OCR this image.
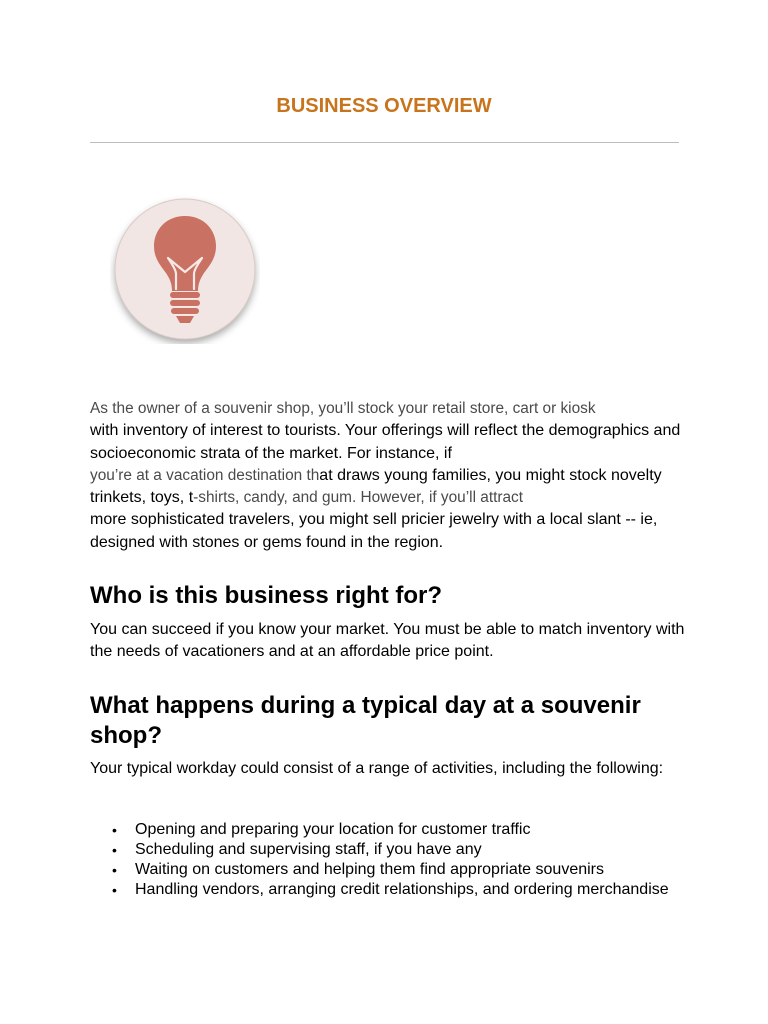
BUSINESS OVERVIEW

As the owner of a souvenir shop, you’ll stock your retail store, cart or kiosk
with inventory of interest to tourists. Your offerings will reflect the demographics and socioeconomic strata of the market. For instance, if
you’re at a vacation destination that draws young families, you might stock novelty trinkets, toys, t-shirts, candy, and gum. However, if you’ll attract
more sophisticated travelers, you might sell pricier jewelry with a local slant -- ie, designed with stones or gems found in the region.

Who is this business right for?

You can succeed if you know your market. You must be able to match inventory with the needs of vacationers and at an affordable price point.

What happens during a typical day at a souvenir shop?

Your typical workday could consist of a range of activities, including the following:

• Opening and preparing your location for customer traffic
• Scheduling and supervising staff, if you have any
• Waiting on customers and helping them find appropriate souvenirs
• Handling vendors, arranging credit relationships, and ordering merchandise
